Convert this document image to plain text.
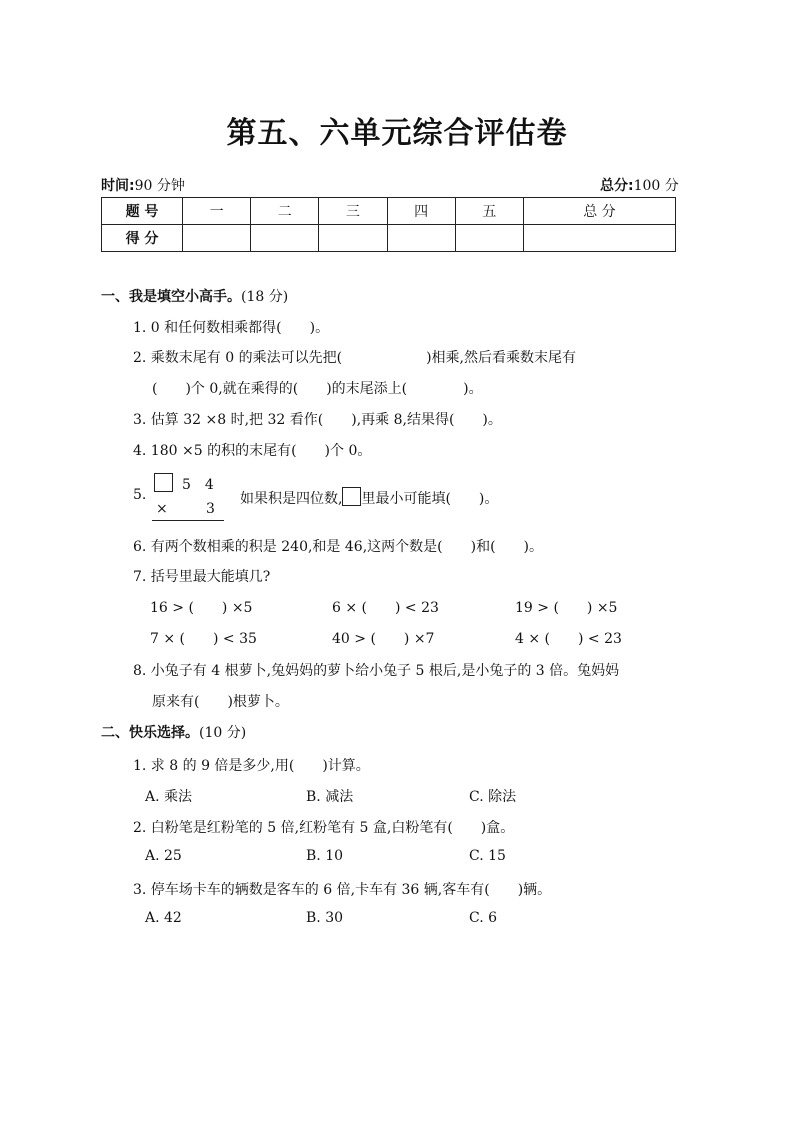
第五、六单元综合评估卷
时间:90 分钟	总分:100 分
题 号	一	二	三	四	五	总 分
得 分						
一、我是填空小高手。(18 分)
1. 0 和任何数相乘都得(　　)。
2. 乘数末尾有 0 的乘法可以先把(　　　　　　)相乘,然后看乘数末尾有
(　　)个 0,就在乘得的(　　)的末尾添上(　　　　)。
3. 估算 32 ×8 时,把 32 看作(　　),再乘 8,结果得(　　)。
4. 180 ×5 的积的末尾有(　　)个 0。
5.
5　4
×	3
如果积是四位数, 里最小可能填(　　)。
6. 有两个数相乘的积是 240,和是 46,这两个数是(　　)和(　　)。
7. 括号里最大能填几?
16 > (　　) ×5	6 × (　　) < 23	19 > (　　) ×5
7 × (　　) < 35	40 > (　　) ×7	4 × (　　) < 23
8. 小兔子有 4 根萝卜,兔妈妈的萝卜给小兔子 5 根后,是小兔子的 3 倍。兔妈妈
原来有(　　)根萝卜。
二、快乐选择。(10 分)
1. 求 8 的 9 倍是多少,用(　　)计算。
A. 乘法	B. 减法	C. 除法
2. 白粉笔是红粉笔的 5 倍,红粉笔有 5 盒,白粉笔有(　　)盒。
A. 25	B. 10	C. 15
3. 停车场卡车的辆数是客车的 6 倍,卡车有 36 辆,客车有(　　)辆。
A. 42	B. 30	C. 6
